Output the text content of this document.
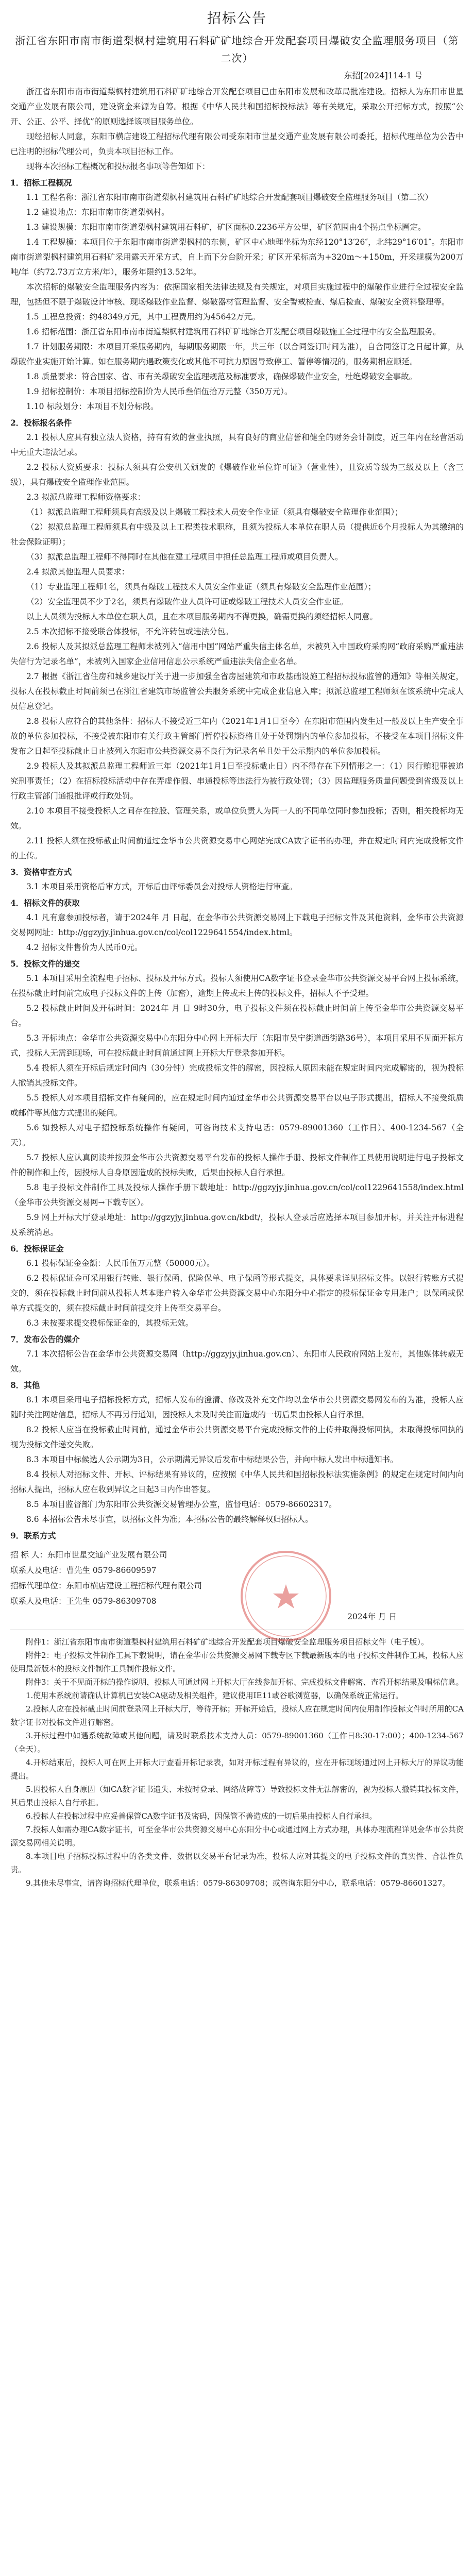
招标公告
浙江省东阳市南市街道梨枫村建筑用石料矿矿地综合开发配套项目爆破安全监理服务项目（第二次）
东招[2024]114-1 号

浙江省东阳市南市街道梨枫村建筑用石料矿矿地综合开发配套项目已由东阳市发展和改革局批准建设。招标人为东阳市世星交通产业发展有限公司，建设资金来源为自筹。根据《中华人民共和国招标投标法》等有关规定，采取公开招标方式，按照“公开、公正、公平、择优”的原则选择该项目服务单位。

现经招标人同意，东阳市横店建设工程招标代理有限公司受东阳市世星交通产业发展有限公司委托，招标代理单位为公告中已注明的招标代理公司，负责本项目招标工作。

现将本次招标工程概况和投标报名事项等告知如下：

1．招标工程概况

1.1 工程名称：浙江省东阳市南市街道梨枫村建筑用石料矿矿地综合开发配套项目爆破安全监理服务项目（第二次）

1.2 建设地点：东阳市南市街道梨枫村。

1.3 建设规模：东阳市南市街道梨枫村建筑用石料矿，矿区面积0.2236平方公里，矿区范围由4个拐点坐标圈定。

1.4 工程规模：本项目位于东阳市南市街道梨枫村的东侧，矿区中心地理坐标为东经120°13′26″，北纬29°16′01″。东阳市南市街道梨枫村建筑用石料矿采用露天开采方式，自上而下分台阶开采；矿区开采标高为+320m～+150m，开采规模为200万吨/年（约72.73万立方米/年），服务年限约13.52年。

本次招标的爆破安全监理服务内容为：依据国家相关法律法规及有关规定，对项目实施过程中的爆破作业进行全过程安全监理，包括但不限于爆破设计审核、现场爆破作业监督、爆破器材管理监督、安全警戒检查、爆后检查、爆破安全资料整理等。

1.5 工程总投资：约48349万元，其中工程费用约为45642万元。

1.6 招标范围：浙江省东阳市南市街道梨枫村建筑用石料矿矿地综合开发配套项目爆破施工全过程中的安全监理服务。

1.7 计划服务期限：本项目开采服务期内，每期服务期限一年，共三年（以合同签订时间为准），自合同签订之日起计算，从爆破作业实施开始计算。如在服务期内遇政策变化或其他不可抗力原因导致停工、暂停等情况的，服务期相应顺延。

1.8 质量要求：符合国家、省、市有关爆破安全监理规范及标准要求，确保爆破作业安全，杜绝爆破安全事故。

1.9 招标控制价：本项目招标控制价为人民币叁佰伍拾万元整（350万元）。

1.10 标段划分：本项目不划分标段。

2．投标报名条件

2.1 投标人应具有独立法人资格，持有有效的营业执照，具有良好的商业信誉和健全的财务会计制度，近三年内在经营活动中无重大违法记录。

2.2 投标人资质要求：投标人须具有公安机关颁发的《爆破作业单位许可证》（营业性），且资质等级为三级及以上（含三级），具有爆破安全监理作业范围。

2.3 拟派总监理工程师资格要求：

（1）拟派总监理工程师须具有高级及以上爆破工程技术人员安全作业证（须具有爆破安全监理作业范围）；

（2）拟派总监理工程师须具有中级及以上工程类技术职称，且须为投标人本单位在职人员（提供近6个月投标人为其缴纳的社会保险证明）；

（3）拟派总监理工程师不得同时在其他在建工程项目中担任总监理工程师或项目负责人。

2.4 拟派其他监理人员要求：

（1）专业监理工程师1名，须具有爆破工程技术人员安全作业证（须具有爆破安全监理作业范围）；

（2）安全监理员不少于2名，须具有爆破作业人员许可证或爆破工程技术人员安全作业证。

以上人员须为投标人本单位在职人员，且在本项目服务期内不得更换，确需更换的须经招标人同意。

2.5 本次招标不接受联合体投标，不允许转包或违法分包。

2.6 投标人及其拟派总监理工程师未被列入“信用中国”网站严重失信主体名单，未被列入中国政府采购网“政府采购严重违法失信行为记录名单”，未被列入国家企业信用信息公示系统严重违法失信企业名单。

2.7 根据《浙江省住房和城乡建设厅关于进一步加强全省房屋建筑和市政基础设施工程招标投标监管的通知》等相关规定，投标人在投标截止时间前须已在浙江省建筑市场监管公共服务系统中完成企业信息入库；拟派总监理工程师须在该系统中完成人员信息登记。

2.8 投标人应符合的其他条件：招标人不接受近三年内（2021年1月1日至今）在东阳市范围内发生过一般及以上生产安全事故的单位参加投标，不接受被东阳市有关行政主管部门暂停投标资格且处于处罚期内的单位参加投标，不接受在本项目招标文件发布之日起至投标截止日止被列入东阳市公共资源交易不良行为记录名单且处于公示期内的单位参加投标。

2.9 投标人及其拟派总监理工程师近三年（2021年1月1日至投标截止日）内不得存在下列情形之一：（1）因行贿犯罪被追究刑事责任；（2）在招标投标活动中存在弄虚作假、串通投标等违法行为被行政处罚；（3）因监理服务质量问题受到省级及以上行政主管部门通报批评或行政处罚。

2.10 本项目不接受投标人之间存在控股、管理关系，或单位负责人为同一人的不同单位同时参加投标；否则，相关投标均无效。

2.11 投标人须在投标截止时间前通过金华市公共资源交易中心网站完成CA数字证书的办理，并在规定时间内完成投标文件的上传。

3．资格审查方式

3.1 本项目采用资格后审方式，开标后由评标委员会对投标人资格进行审查。

4．招标文件的获取

4.1 凡有意参加投标者，请于2024年 月 日起，在金华市公共资源交易网上下载电子招标文件及其他资料，金华市公共资源交易网网址：http://ggzyjy.jinhua.gov.cn/col/col1229641554/index.html。

4.2 招标文件售价为人民币0元。

5．投标文件的递交

5.1 本项目采用全流程电子招标、投标及开标方式。投标人须使用CA数字证书登录金华市公共资源交易平台网上投标系统，在投标截止时间前完成电子投标文件的上传（加密），逾期上传或未上传的投标文件，招标人不予受理。

5.2 投标截止时间及开标时间：2024年 月 日 9时30分，电子投标文件须在投标截止时间前上传至金华市公共资源交易平台。

5.3 开标地点：金华市公共资源交易中心东阳分中心网上开标大厅（东阳市吴宁街道西街路36号），本项目采用不见面开标方式，投标人无需到现场，可在投标截止时间前通过网上开标大厅登录参加开标。

5.4 投标人须在开标后规定时间内（30分钟）完成投标文件的解密，因投标人原因未能在规定时间内完成解密的，视为投标人撤销其投标文件。

5.5 投标人对本项目招标文件有疑问的，应在规定时间内通过金华市公共资源交易平台以电子形式提出，招标人不接受纸质或邮件等其他方式提出的疑问。

5.6 如投标人对电子招投标系统操作有疑问，可咨询技术支持电话：0579-89001360（工作日）、400-1234-567（全天）。

5.7 投标人应认真阅读并按照金华市公共资源交易平台发布的投标人操作手册、投标文件制作工具使用说明进行电子投标文件的制作和上传，因投标人自身原因造成的投标失败，后果由投标人自行承担。

5.8 电子投标文件制作工具及投标人操作手册下载地址：http://ggzyjy.jinhua.gov.cn/col/col1229641558/index.html（金华市公共资源交易网→下载专区）。

5.9 网上开标大厅登录地址：http://ggzyjy.jinhua.gov.cn/kbdt/，投标人登录后应选择本项目参加开标，并关注开标进程及系统消息。

6．投标保证金

6.1 投标保证金金额：人民币伍万元整（50000元）。

6.2 投标保证金可采用银行转账、银行保函、保险保单、电子保函等形式提交，具体要求详见招标文件。以银行转账方式提交的，须在投标截止时间前从投标人基本账户转入金华市公共资源交易中心东阳分中心指定的投标保证金专用账户；以保函或保单方式提交的，须在投标截止时间前提交并上传至交易平台。

6.3 未按要求提交投标保证金的，其投标无效。

7．发布公告的媒介

7.1 本次招标公告在金华市公共资源交易网（http://ggzyjy.jinhua.gov.cn）、东阳市人民政府网站上发布，其他媒体转载无效。

8．其他

8.1 本项目采用电子招标投标方式，招标人发布的澄清、修改及补充文件均以金华市公共资源交易网发布的为准，投标人应随时关注网站信息，招标人不再另行通知，因投标人未及时关注而造成的一切后果由投标人自行承担。

8.2 投标人应当在投标截止时间前，通过金华市公共资源交易平台完成投标文件的上传并取得投标回执，未取得投标回执的视为投标文件递交失败。

8.3 本项目中标候选人公示期为3日，公示期满无异议后发布中标结果公告，并向中标人发出中标通知书。

8.4 投标人对招标文件、开标、评标结果有异议的，应按照《中华人民共和国招标投标法实施条例》的规定在规定时间内向招标人提出，招标人应在收到异议之日起3日内作出答复。

8.5 本项目监督部门为东阳市公共资源交易管理办公室，监督电话：0579-86602317。

8.6 本招标公告未尽事宜，以招标文件为准；本招标公告的最终解释权归招标人。

9．联系方式

招 标 人：东阳市世星交通产业发展有限公司

联系人及电话：曹先生 0579-86609597

招标代理单位：东阳市横店建设工程招标代理有限公司

联系人及电话：王先生 0579-86309708

2024年 月 日

附件1：浙江省东阳市南市街道梨枫村建筑用石料矿矿地综合开发配套项目爆破安全监理服务项目招标文件（电子版）。

附件2：电子投标文件制作工具下载说明，请在金华市公共资源交易网下载专区下载最新版本的电子投标文件制作工具，投标人应使用最新版本的投标文件制作工具制作投标文件。

附件3：关于不见面开标的操作说明，投标人可通过网上开标大厅在线参加开标、完成投标文件解密、查看开标结果及唱标信息。

1.使用本系统前请确认计算机已安装CA驱动及相关组件，建议使用IE11或谷歌浏览器，以确保系统正常运行。

2.投标人应在投标截止时间前登录网上开标大厅，等待开标；开标开始后，投标人应在规定时间内使用制作投标文件时所用的CA数字证书对投标文件进行解密。

3.开标过程中如遇系统故障或其他问题，请及时联系技术支持人员：0579-89001360（工作日8:30-17:00）；400-1234-567（全天）。

4.开标结束后，投标人可在网上开标大厅查看开标记录表，如对开标过程有异议的，应在开标现场通过网上开标大厅的异议功能提出。

5.因投标人自身原因（如CA数字证书遗失、未按时登录、网络故障等）导致投标文件无法解密的，视为投标人撤销其投标文件，其后果由投标人自行承担。

6.投标人在投标过程中应妥善保管CA数字证书及密码，因保管不善造成的一切后果由投标人自行承担。

7.投标人如需办理CA数字证书，可至金华市公共资源交易中心东阳分中心或通过网上方式办理，具体办理流程详见金华市公共资源交易网相关说明。

8.本项目电子招标投标过程中的各类文件、数据以交易平台记录为准，投标人应对其提交的电子投标文件的真实性、合法性负责。

9.其他未尽事宜，请咨询招标代理单位，联系电话：0579-86309708；或咨询东阳分中心，联系电话：0579-86601327。
